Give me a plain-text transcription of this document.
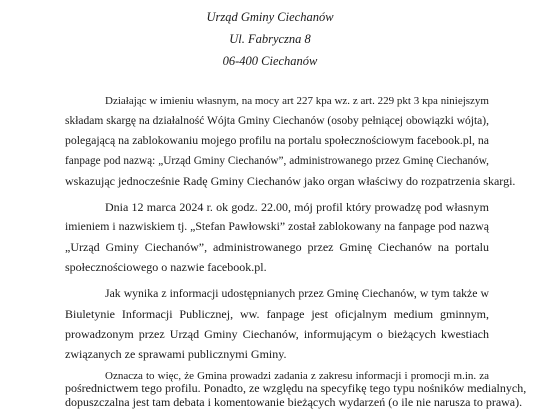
Urząd Gminy Ciechanów
Ul. Fabryczna 8
06-400 Ciechanów
Działając w imieniu własnym, na mocy art 227 kpa wz. z art. 229 pkt 3 kpa niniejszym
składam skargę na działalność Wójta Gminy Ciechanów (osoby pełniącej obowiązki wójta),
polegającą na zablokowaniu mojego profilu na portalu społecznościowym facebook.pl, na
fanpage pod nazwą: „Urząd Gminy Ciechanów”, administrowanego przez Gminę Ciechanów,
wskazując jednocześnie Radę Gminy Ciechanów jako organ właściwy do rozpatrzenia skargi.
Dnia 12 marca 2024 r. ok godz. 22.00, mój profil który prowadzę pod własnym
imieniem i nazwiskiem tj. „Stefan Pawłowski” został zablokowany na fanpage pod nazwą
„Urząd Gminy Ciechanów”, administrowanego przez Gminę Ciechanów na portalu
społecznościowego o nazwie facebook.pl.
Jak wynika z informacji udostępnianych przez Gminę Ciechanów, w tym także w
Biuletynie Informacji Publicznej, ww. fanpage jest oficjalnym medium gminnym,
prowadzonym przez Urząd Gminy Ciechanów, informującym o bieżących kwestiach
związanych ze sprawami publicznymi Gminy.
Oznacza to więc, że Gmina prowadzi zadania z zakresu informacji i promocji m.in. za
pośrednictwem tego profilu. Ponadto, ze względu na specyfikę tego typu nośników medialnych,
dopuszczalna jest tam debata i komentowanie bieżących wydarzeń (o ile nie narusza to prawa).
